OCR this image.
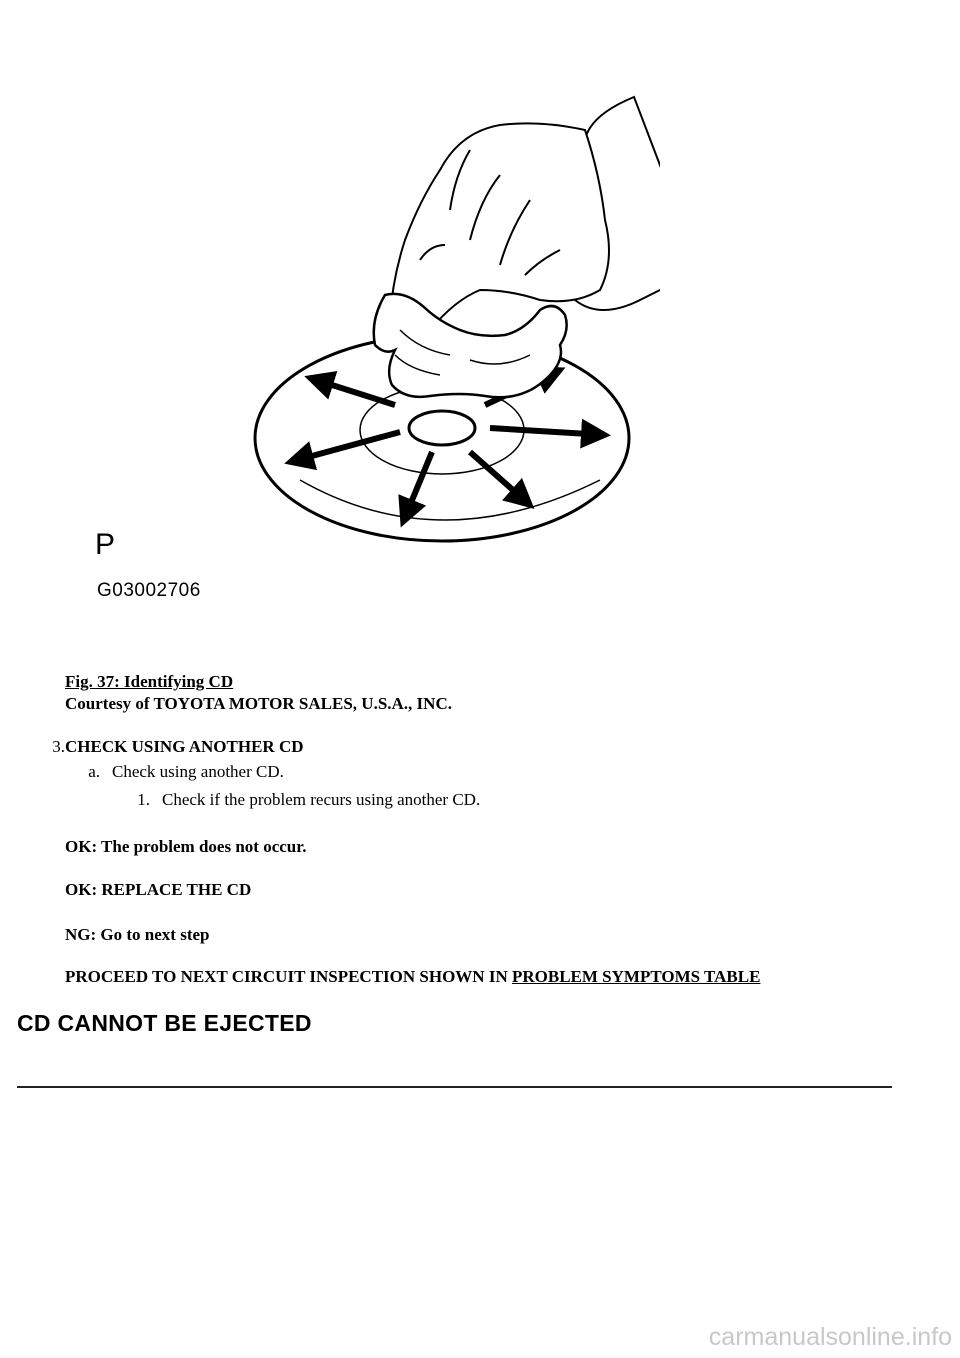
P
G03002706
Fig. 37: Identifying CD
Courtesy of TOYOTA MOTOR SALES, U.S.A., INC.
3.CHECK USING ANOTHER CD
a. Check using another CD.
1. Check if the problem recurs using another CD.
OK: The problem does not occur.
OK: REPLACE THE CD
NG: Go to next step
PROCEED TO NEXT CIRCUIT INSPECTION SHOWN IN PROBLEM SYMPTOMS TABLE
CD CANNOT BE EJECTED
carmanualsonline.info
